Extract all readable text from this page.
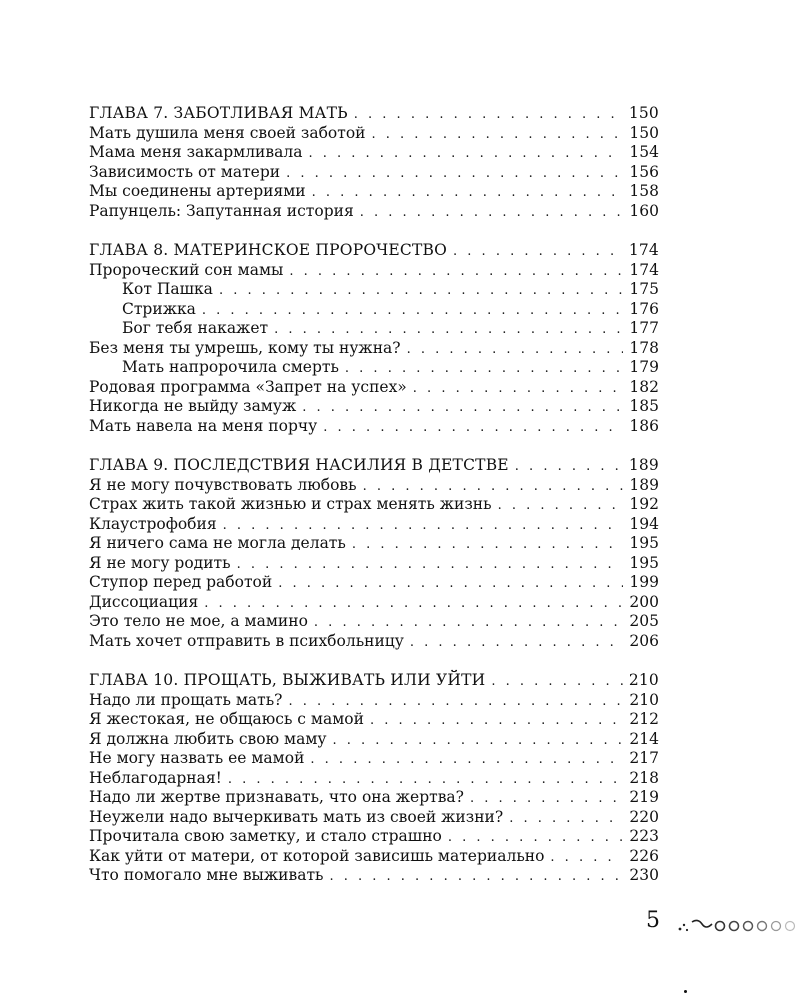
ГЛАВА 7. ЗАБОТЛИВАЯ МАТЬ . . .	150
Мать душила меня своей заботой . . .	150
Мама меня закармливала . . .	154
Зависимость от матери . . .	156
Мы соединены артериями . . .	158
Рапунцель: Запутанная история . . .	160
ГЛАВА 8. МАТЕРИНСКОЕ ПРОРОЧЕСТВО . . .	174
Пророческий сон мамы . . .	174
Кот Пашка . . .	175
Стрижка . . .	176
Бог тебя накажет . . .	177
Без меня ты умрешь, кому ты нужна? . . .	178
Мать напророчила смерть . . .	179
Родовая программа «Запрет на успех» . . .	182
Никогда не выйду замуж . . .	185
Мать навела на меня порчу . . .	186
ГЛАВА 9. ПОСЛЕДСТВИЯ НАСИЛИЯ В ДЕТСТВЕ . . .	189
Я не могу почувствовать любовь . . .	189
Страх жить такой жизнью и страх менять жизнь . . .	192
Клаустрофобия . . .	194
Я ничего сама не могла делать . . .	195
Я не могу родить . . .	195
Ступор перед работой . . .	199
Диссоциация . . .	200
Это тело не мое, а мамино . . .	205
Мать хочет отправить в психбольницу . . .	206
ГЛАВА 10. ПРОЩАТЬ, ВЫЖИВАТЬ ИЛИ УЙТИ . . .	210
Надо ли прощать мать? . . .	210
Я жестокая, не общаюсь с мамой . . .	212
Я должна любить свою маму . . .	214
Не могу назвать ее мамой . . .	217
Неблагодарная! . . .	218
Надо ли жертве признавать, что она жертва? . . .	219
Неужели надо вычеркивать мать из своей жизни? . . .	220
Прочитала свою заметку, и стало страшно . . .	223
Как уйти от матери, от которой зависишь материально . . .	226
Что помогало мне выживать . . .	230
5
